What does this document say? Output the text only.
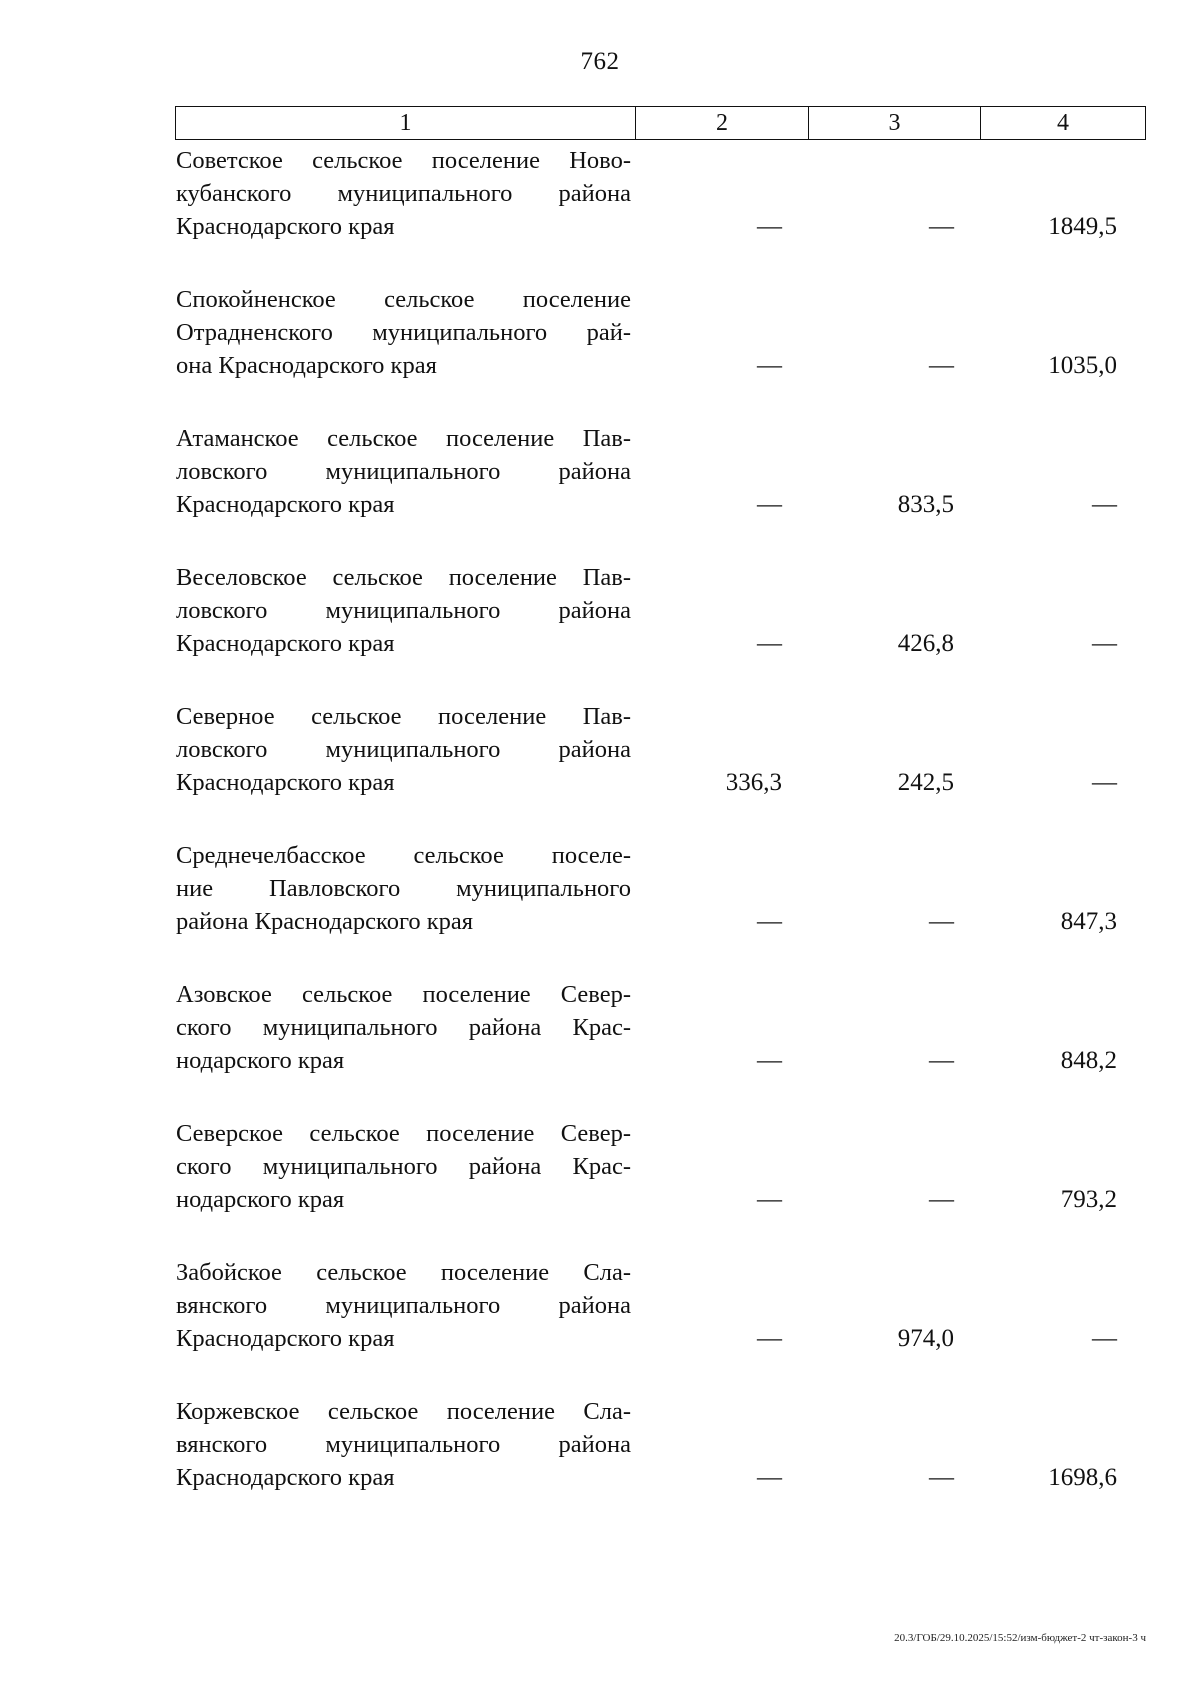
762
1	2	3	4
Советское сельское поселение Ново-
кубанского муниципального района
Краснодарского края	—	—	1849,5
Спокойненское сельское поселение
Отрадненского муниципального рай-
она Краснодарского края	—	—	1035,0
Атаманское сельское поселение Пав-
ловского муниципального района
Краснодарского края	—	833,5	—
Веселовское сельское поселение Пав-
ловского муниципального района
Краснодарского края	—	426,8	—
Северное сельское поселение Пав-
ловского муниципального района
Краснодарского края	336,3	242,5	—
Среднечелбасское сельское поселе-
ние Павловского муниципального
района Краснодарского края	—	—	847,3
Азовское сельское поселение Север-
ского муниципального района Крас-
нодарского края	—	—	848,2
Северское сельское поселение Север-
ского муниципального района Крас-
нодарского края	—	—	793,2
Забойское сельское поселение Сла-
вянского муниципального района
Краснодарского края	—	974,0	—
Коржевское сельское поселение Сла-
вянского муниципального района
Краснодарского края	—	—	1698,6
20.3/ГОБ/29.10.2025/15:52/изм-бюджет-2 чт-закон-3 ч
